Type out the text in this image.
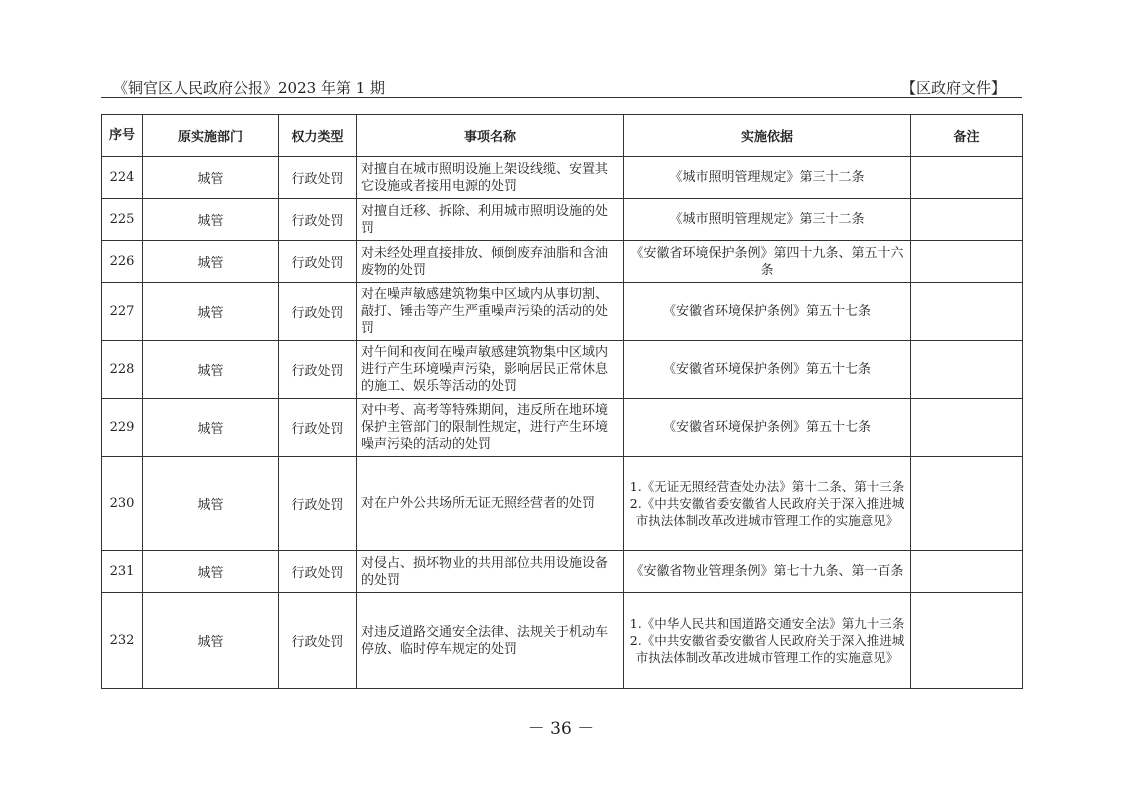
《铜官区人民政府公报》2023 年第 1 期	【区政府文件】
序号	原实施部门	权力类型	事项名称	实施依据	备注
224	城管	行政处罚	对擅自在城市照明设施上架设线缆、安置其它设施或者接用电源的处罚	《城市照明管理规定》第三十二条	
225	城管	行政处罚	对擅自迁移、拆除、利用城市照明设施的处罚	《城市照明管理规定》第三十二条	
226	城管	行政处罚	对未经处理直接排放、倾倒废弃油脂和含油废物的处罚	《安徽省环境保护条例》第四十九条、第五十六条	
227	城管	行政处罚	对在噪声敏感建筑物集中区域内从事切割、敲打、锤击等产生严重噪声污染的活动的处罚	《安徽省环境保护条例》第五十七条	
228	城管	行政处罚	对午间和夜间在噪声敏感建筑物集中区域内进行产生环境噪声污染，影响居民正常休息的施工、娱乐等活动的处罚	《安徽省环境保护条例》第五十七条	
229	城管	行政处罚	对中考、高考等特殊期间，违反所在地环境保护主管部门的限制性规定，进行产生环境噪声污染的活动的处罚	《安徽省环境保护条例》第五十七条	
230	城管	行政处罚	对在户外公共场所无证无照经营者的处罚	1.《无证无照经营查处办法》第十二条、第十三条
2.《中共安徽省委安徽省人民政府关于深入推进城市执法体制改革改进城市管理工作的实施意见》	

231	城管	行政处罚	对侵占、损坏物业的共用部位共用设施设备的处罚	《安徽省物业管理条例》第七十九条、第一百条	
232	城管	行政处罚	对违反道路交通安全法律、法规关于机动车停放、临时停车规定的处罚	1.《中华人民共和国道路交通安全法》第九十三条
2.《中共安徽省委安徽省人民政府关于深入推进城市执法体制改革改进城市管理工作的实施意见》	

－ 36 －
